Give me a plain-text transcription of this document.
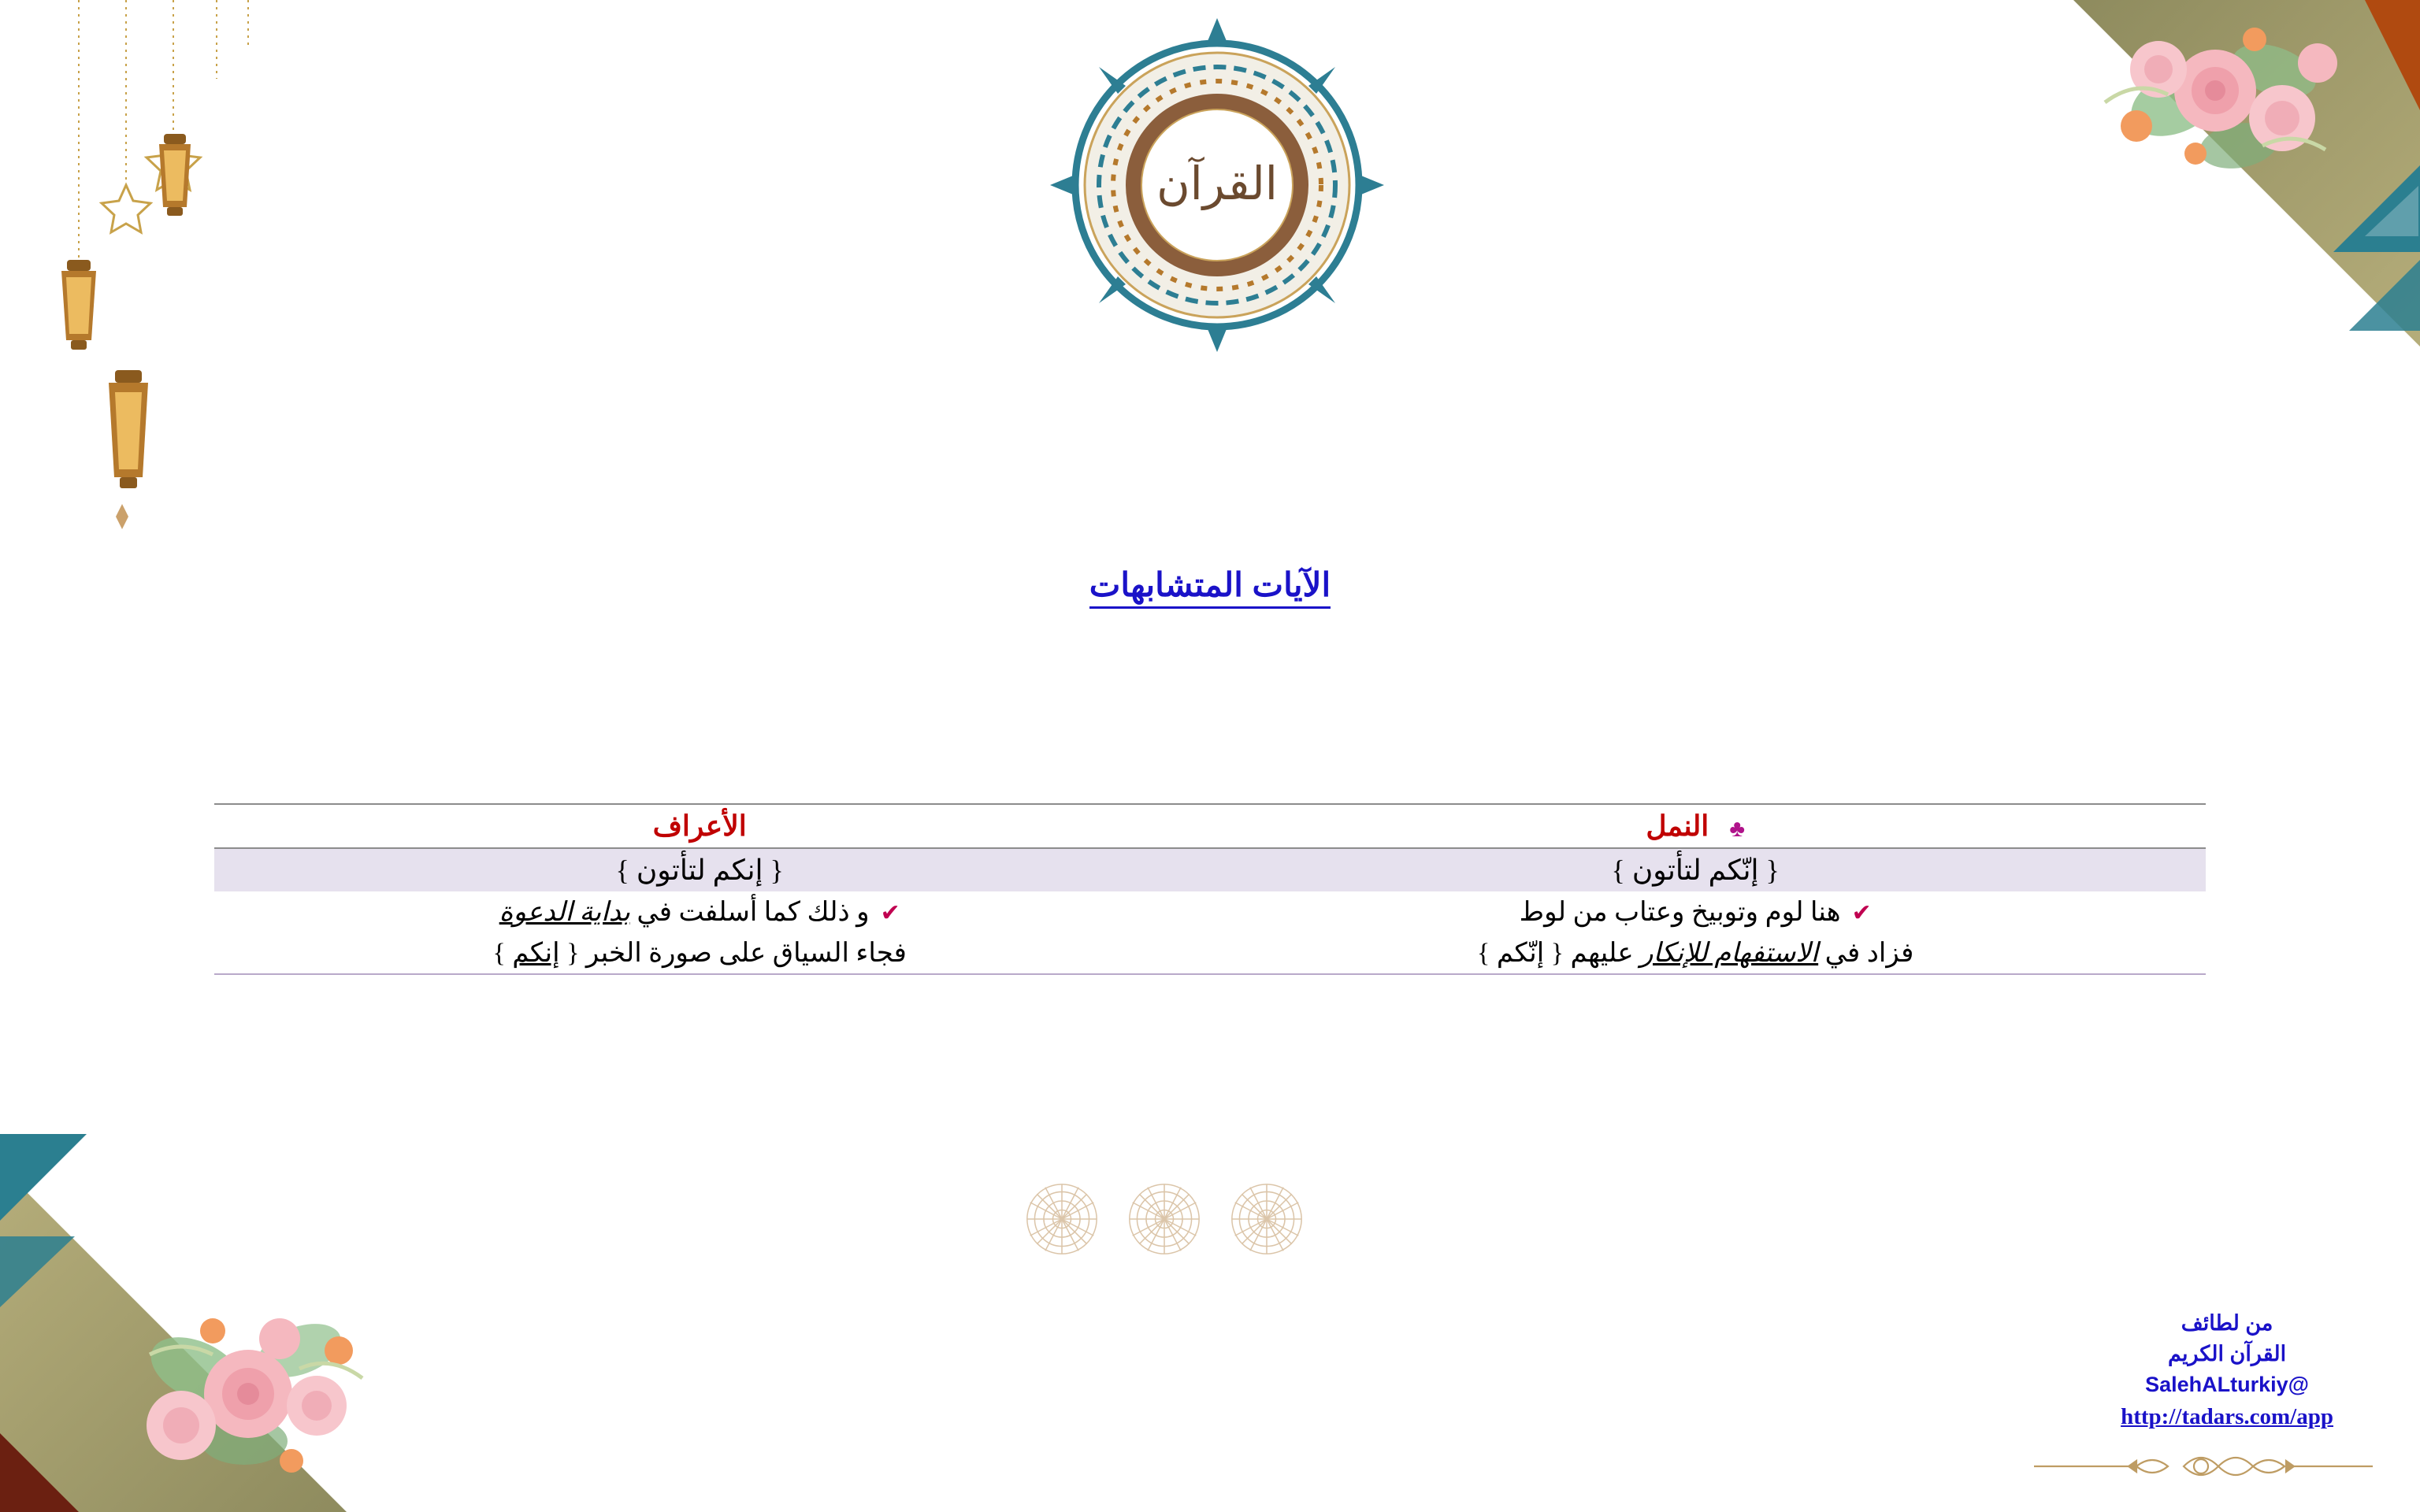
القرآن
الآيات المتشابهات
♣النمل	الأعراف
{ إنّكم لتأتون }	{ إنكم لتأتون }
✔هنا لوم وتوبيخ وعتاب من لوط	✔و ذلك كما أسلفت في بداية الدعوة
فزاد في الاستفهام للإنكار عليهم { إنّكم }	فجاء السياق على صورة الخبر { إنكم }
من لطائف
القرآن الكريم
@SalehALturkiy
http://tadars.com/app
